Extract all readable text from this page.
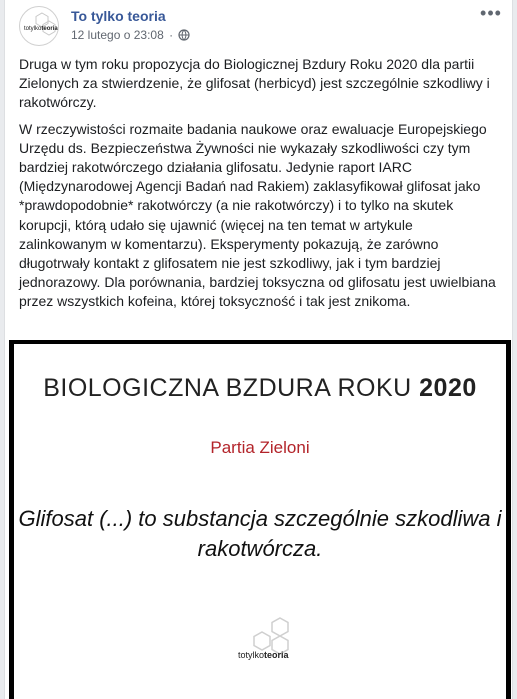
totylkoteoria
To tylko teoria
12 lutego o 23:08 ·
•••

Druga w tym roku propozycja do Biologicznej Bzdury Roku 2020 dla partii Zielonych za stwierdzenie, że glifosat (herbicyd) jest szczególnie szkodliwy i rakotwórczy.

W rzeczywistości rozmaite badania naukowe oraz ewaluacje Europejskiego Urzędu ds. Bezpieczeństwa Żywności nie wykazały szkodliwości czy tym bardziej rakotwórczego działania glifosatu. Jedynie raport IARC (Międzynarodowej Agencji Badań nad Rakiem) zaklasyfikował glifosat jako *prawdopodobnie* rakotwórczy (a nie rakotwórczy) i to tylko na skutek korupcji, którą udało się ujawnić (więcej na ten temat w artykule zalinkowanym w komentarzu). Eksperymenty pokazują, że zarówno długotrwały kontakt z glifosatem nie jest szkodliwy, jak i tym bardziej jednorazowy. Dla porównania, bardziej toksyczna od glifosatu jest uwielbiana przez wszystkich kofeina, której toksyczność i tak jest znikoma.

BIOLOGICZNA BZDURA ROKU 2020
Partia Zieloni
Glifosat (...) to substancja szczególnie szkodliwa i rakotwórcza.
totylkoteoria
